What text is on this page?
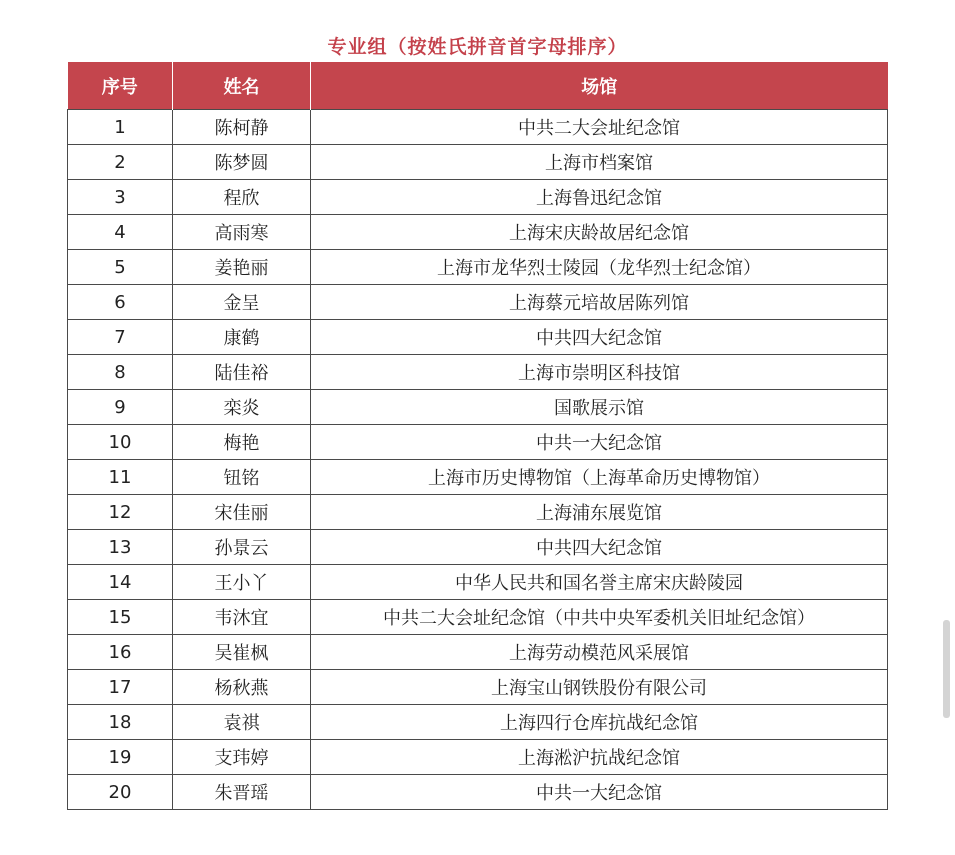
专业组（按姓氏拼音首字母排序）
序号	姓名	场馆
1	陈柯静	中共二大会址纪念馆
2	陈梦圆	上海市档案馆
3	程欣	上海鲁迅纪念馆
4	高雨寒	上海宋庆龄故居纪念馆
5	姜艳丽	上海市龙华烈士陵园（龙华烈士纪念馆）
6	金呈	上海蔡元培故居陈列馆
7	康鹤	中共四大纪念馆
8	陆佳裕	上海市崇明区科技馆
9	栾炎	国歌展示馆
10	梅艳	中共一大纪念馆
11	钮铭	上海市历史博物馆（上海革命历史博物馆）
12	宋佳丽	上海浦东展览馆
13	孙景云	中共四大纪念馆
14	王小丫	中华人民共和国名誉主席宋庆龄陵园
15	韦沐宜	中共二大会址纪念馆（中共中央军委机关旧址纪念馆）
16	吴崔枫	上海劳动模范风采展馆
17	杨秋燕	上海宝山钢铁股份有限公司
18	袁祺	上海四行仓库抗战纪念馆
19	支玮婷	上海淞沪抗战纪念馆
20	朱晋瑶	中共一大纪念馆
